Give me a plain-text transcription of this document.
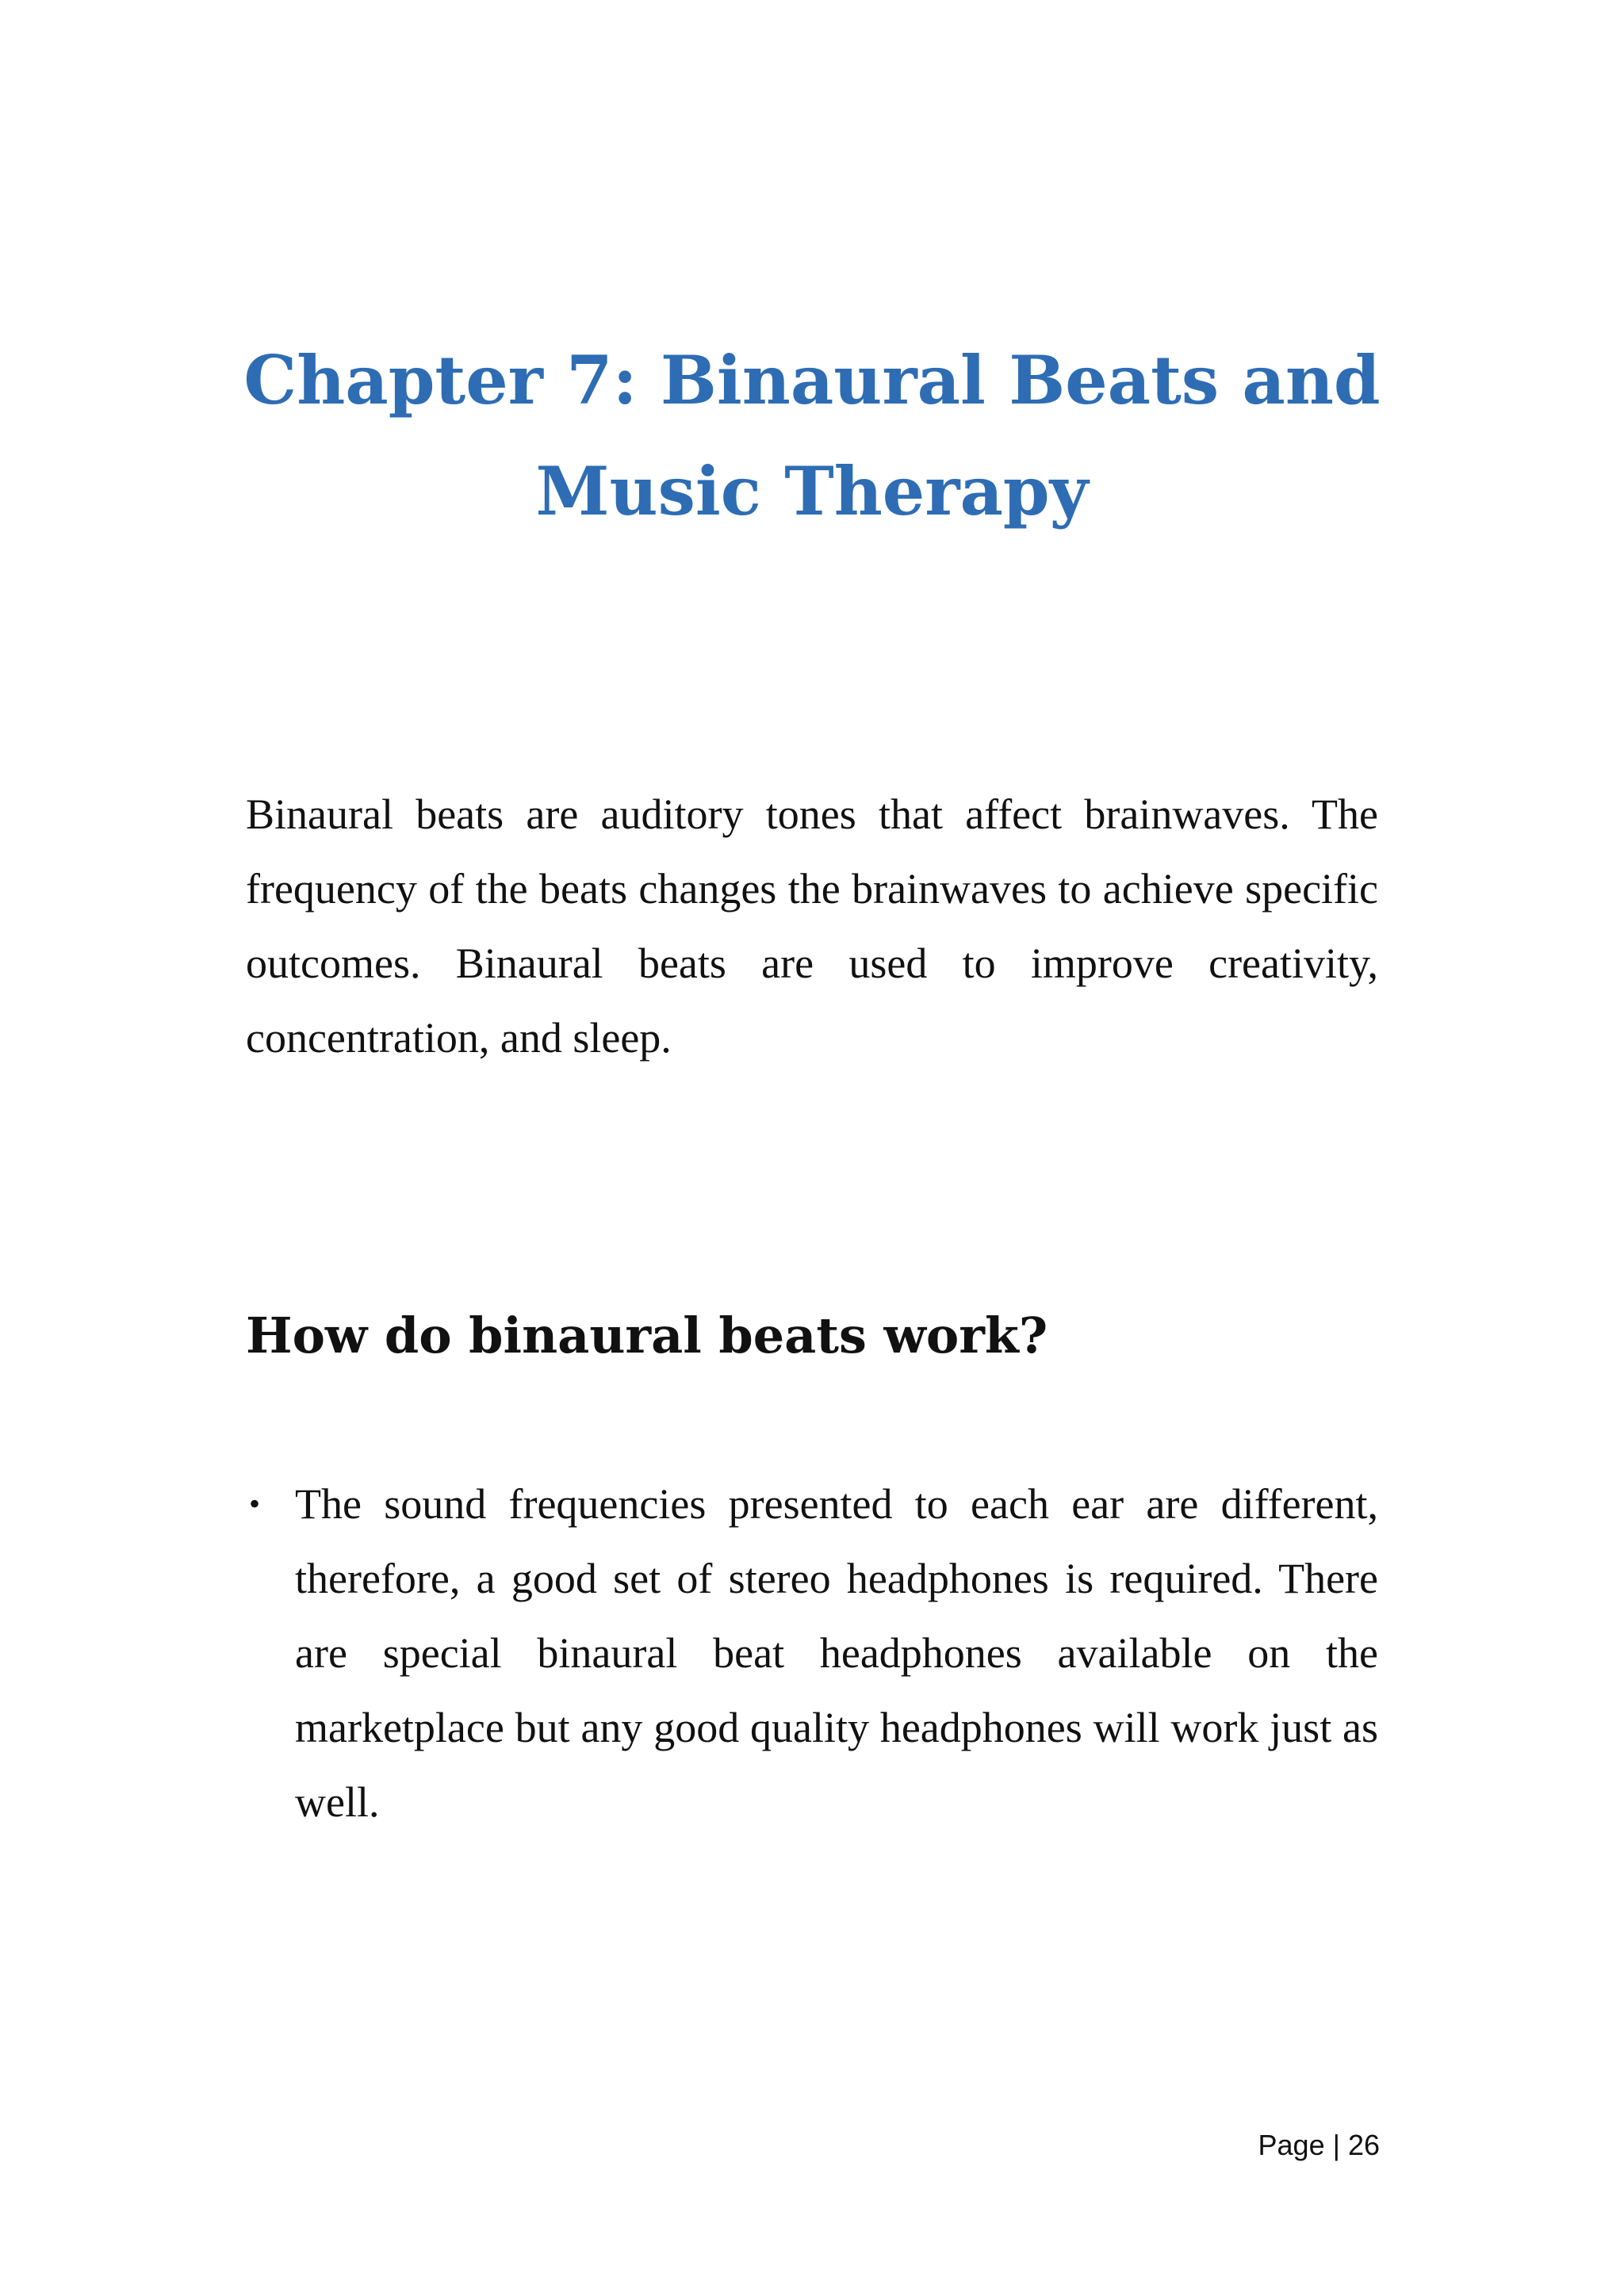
Chapter 7: Binaural Beats and
Music Therapy

Binaural beats are auditory tones that affect brainwaves. The frequency of the beats changes the brainwaves to achieve specific outcomes. Binaural beats are used to improve creativity, concentration, and sleep.

How do binaural beats work?
• The sound frequencies presented to each ear are different, therefore, a good set of stereo headphones is required. There are special binaural beat headphones available on the marketplace but any good quality headphones will work just as well.
Page | 26
